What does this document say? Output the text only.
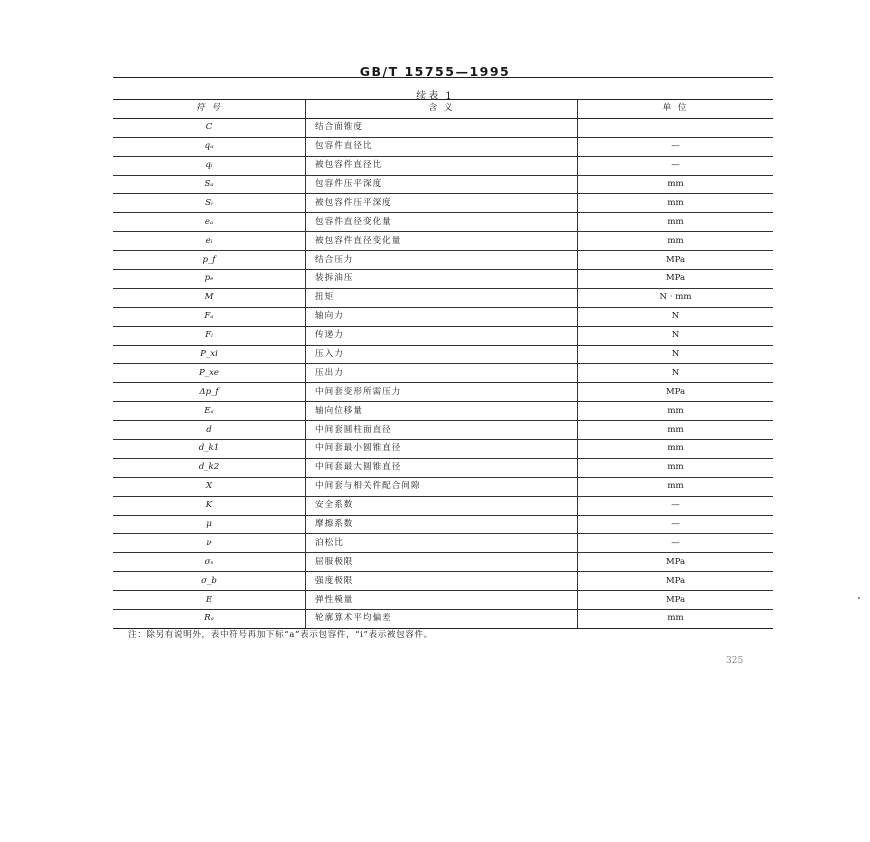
GB/T 15755—1995
续表 1
符 号	含 义	单 位
C	结合面锥度	
qₐ	包容件直径比	—
qᵢ	被包容件直径比	—
Sₐ	包容件压平深度	mm
Sᵢ	被包容件压平深度	mm
eₐ	包容件直径变化量	mm
eᵢ	被包容件直径变化量	mm
p_f	结合压力	MPa
pₑ	装拆油压	MPa
M	扭矩	N · mm
Fₐ	轴向力	N
Fᵢ	传递力	N
P_xi	压入力	N
P_xe	压出力	N
Δp_f	中间套变形所需压力	MPa
Eₐ	轴向位移量	mm
d	中间套圆柱面直径	mm
d_k1	中间套最小圆锥直径	mm
d_k2	中间套最大圆锥直径	mm
X	中间套与相关件配合间隙	mm
K	安全系数	—
μ	摩擦系数	—
ν	泊松比	—
σₛ	屈服极限	MPa
σ_b	强度极限	MPa
E	弹性模量	MPa
Rₐ	轮廓算术平均偏差	mm
注：除另有说明外，表中符号再加下标“a”表示包容件，“i”表示被包容件。
325
